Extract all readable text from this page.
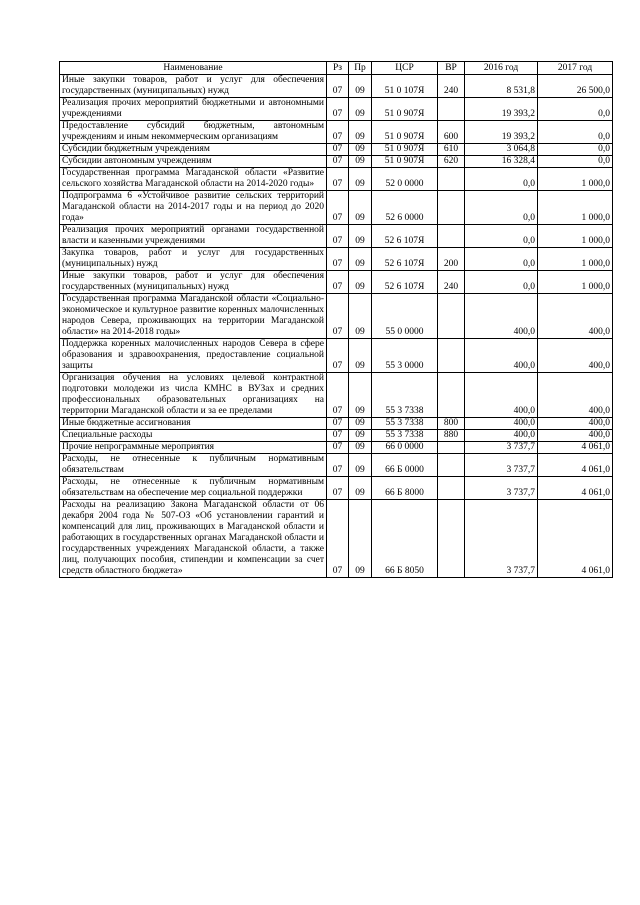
Наименование	Рз	Пр	ЦСР	ВР	2016 год	2017 год
Иные закупки товаров, работ и услуг для обеспечения государственных (муниципальных) нужд	07	09	51 0 107Я	240	8 531,8	26 500,0
Реализация прочих мероприятий бюджетными и автономными учреждениями	07	09	51 0 907Я		19 393,2	0,0
Предоставление субсидий бюджетным, автономным учреждениям и иным некоммерческим организациям	07	09	51 0 907Я	600	19 393,2	0,0
Субсидии бюджетным учреждениям	07	09	51 0 907Я	610	3 064,8	0,0
Субсидии автономным учреждениям	07	09	51 0 907Я	620	16 328,4	0,0
Государственная программа Магаданской области «Развитие сельского хозяйства Магаданской области на 2014-2020 годы»	07	09	52 0 0000		0,0	1 000,0
Подпрограмма 6 «Устойчивое развитие сельских территорий Магаданской области на 2014-2017 годы и на период до 2020 года»	07	09	52 6 0000		0,0	1 000,0
Реализация прочих мероприятий органами государственной власти и казенными учреждениями	07	09	52 6 107Я		0,0	1 000,0
Закупка товаров, работ и услуг для государственных (муниципальных) нужд	07	09	52 6 107Я	200	0,0	1 000,0
Иные закупки товаров, работ и услуг для обеспечения государственных (муниципальных) нужд	07	09	52 6 107Я	240	0,0	1 000,0
Государственная программа Магаданской области «Социально-экономическое и культурное развитие коренных малочисленных народов Севера, проживающих на территории Магаданской области» на 2014-2018 годы»	07	09	55 0 0000		400,0	400,0
Поддержка коренных малочисленных народов Севера в сфере образования и здравоохранения, предоставление социальной защиты	07	09	55 3 0000		400,0	400,0
Организация обучения на условиях целевой контрактной подготовки молодежи из числа КМНС в ВУЗах и средних профессиональных образовательных организациях на территории Магаданской области и за ее пределами	07	09	55 3 7338		400,0	400,0
Иные бюджетные ассигнования	07	09	55 3 7338	800	400,0	400,0
Специальные расходы	07	09	55 3 7338	880	400,0	400,0
Прочие непрограммные мероприятия	07	09	66 0 0000		3 737,7	4 061,0
Расходы, не отнесенные к публичным нормативным обязательствам	07	09	66 Б 0000		3 737,7	4 061,0
Расходы, не отнесенные к публичным нормативным обязательствам на обеспечение мер социальной поддержки	07	09	66 Б 8000		3 737,7	4 061,0
Расходы на реализацию Закона Магаданской области от 06 декабря 2004 года № 507-ОЗ «Об установлении гарантий и компенсаций для лиц, проживающих в Магаданской области и работающих в государственных органах Магаданской области и государственных учреждениях Магаданской области, а также лиц, получающих пособия, стипендии и компенсации за счет средств областного бюджета»	07	09	66 Б 8050		3 737,7	4 061,0
